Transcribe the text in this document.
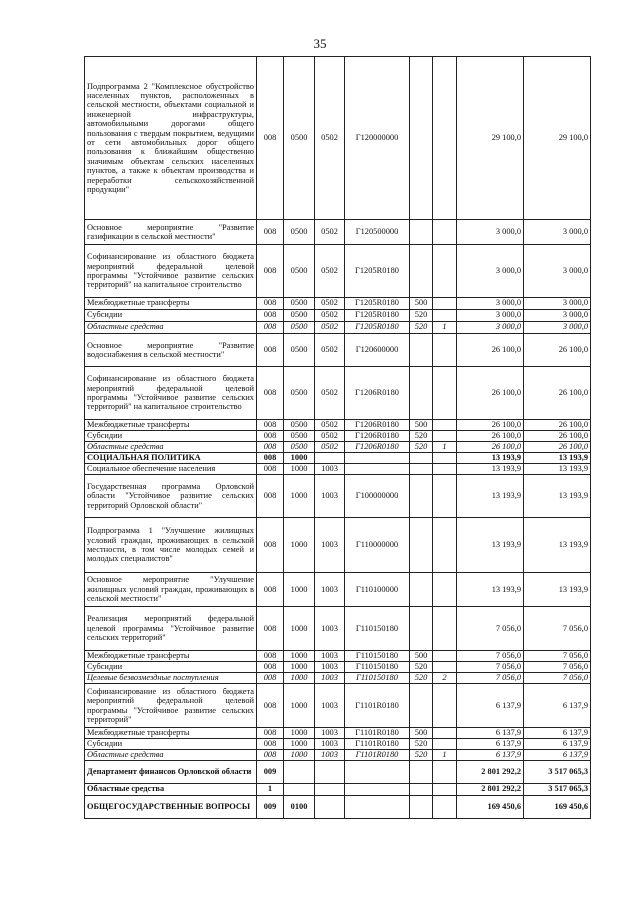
35
Подпрограмма 2 "Комплексное обустройство населенных пунктов, расположенных в сельской местности, объектами социальной и инженерной инфраструктуры, автомобильными дорогами общего пользования с твердым покрытием, ведущими от сети автомобильных дорог общего пользования к ближайшим общественно значимым объектам сельских населенных пунктов, а также к объектам производства и переработки сельскохозяйственной продукции"	008	0500	0502	Г120000000			29 100,0	29 100,0
Основное мероприятие "Развитие газификации в сельской местности"	008	0500	0502	Г120500000			3 000,0	3 000,0
Софинансирование из областного бюджета мероприятий федеральной целевой программы "Устойчивое развитие сельских территорий" на капитальное строительство	008	0500	0502	Г1205R0180			3 000,0	3 000,0
Межбюджетные трансферты	008	0500	0502	Г1205R0180	500		3 000,0	3 000,0
Субсидии	008	0500	0502	Г1205R0180	520		3 000,0	3 000,0
Областные средства	008	0500	0502	Г1205R0180	520	1	3 000,0	3 000,0
Основное мероприятие "Развитие водоснабжения в сельской местности"	008	0500	0502	Г120600000			26 100,0	26 100,0
Софинансирование из областного бюджета мероприятий федеральной целевой программы "Устойчивое развитие сельских территорий" на капитальное строительство	008	0500	0502	Г1206R0180			26 100,0	26 100,0
Межбюджетные трансферты	008	0500	0502	Г1206R0180	500		26 100,0	26 100,0
Субсидии	008	0500	0502	Г1206R0180	520		26 100,0	26 100,0
Областные средства	008	0500	0502	Г1206R0180	520	1	26 100,0	26 100,0
СОЦИАЛЬНАЯ ПОЛИТИКА	008	1000					13 193,9	13 193,9
Социальное обеспечение населения	008	1000	1003				13 193,9	13 193,9
Государственная программа Орловской области "Устойчивое развитие сельских территорий Орловской области"	008	1000	1003	Г100000000			13 193,9	13 193,9
Подпрограмма 1 "Улучшение жилищных условий граждан, проживающих в сельской местности, в том числе молодых семей и молодых специалистов"	008	1000	1003	Г110000000			13 193,9	13 193,9
Основное мероприятие "Улучшение жилищных условий граждан, проживающих в сельской местности"	008	1000	1003	Г110100000			13 193,9	13 193,9
Реализация мероприятий федеральной целевой программы "Устойчивое развитие сельских территорий"	008	1000	1003	Г110150180			7 056,0	7 056,0
Межбюджетные трансферты	008	1000	1003	Г110150180	500		7 056,0	7 056,0
Субсидии	008	1000	1003	Г110150180	520		7 056,0	7 056,0
Целевые безвозмездные поступления	008	1000	1003	Г110150180	520	2	7 056,0	7 056,0
Софинансирование из областного бюджета мероприятий федеральной целевой программы "Устойчивое развитие сельских территорий"	008	1000	1003	Г1101R0180			6 137,9	6 137,9
Межбюджетные трансферты	008	1000	1003	Г1101R0180	500		6 137,9	6 137,9
Субсидии	008	1000	1003	Г1101R0180	520		6 137,9	6 137,9
Областные средства	008	1000	1003	Г1101R0180	520	1	6 137,9	6 137,9
Департамент финансов Орловской области	009						2 801 292,2	3 517 065,3
Областные средства	1						2 801 292,2	3 517 065,3
ОБЩЕГОСУДАРСТВЕННЫЕ ВОПРОСЫ	009	0100					169 450,6	169 450,6
